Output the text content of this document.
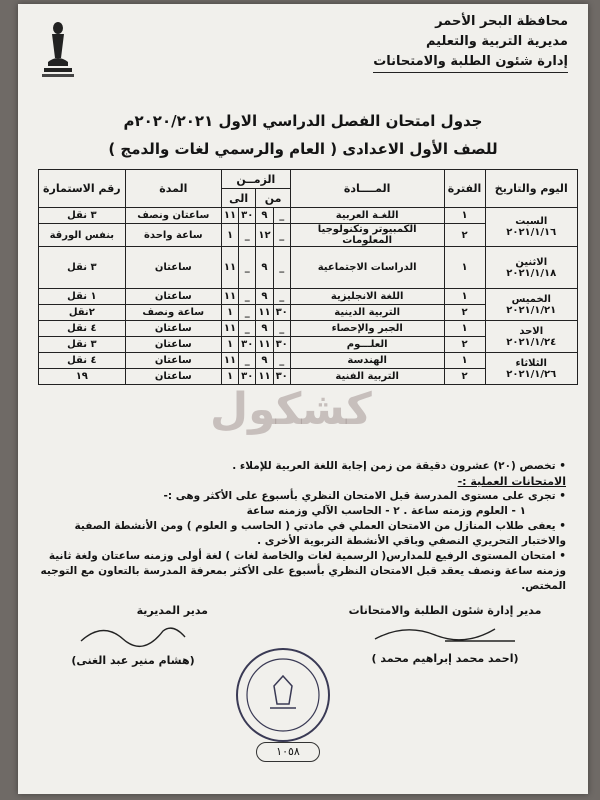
محافظة البحر الأحمر
مديرية التربية والتعليم
إدارة شئون الطلبة والامتحانات
جدول امتحان الفصل الدراسي الاول ٢٠٢٠/٢٠٢١م
للصف الأول الاعدادى ( العام والرسمي لغات والدمج )
اليوم والتاريخ	الفترة	المــــادة	الزمــن				المدة	رقم الاستمارة
			من		الى			

السبت
٢٠٢١/١/١٦	١	اللغـة العربية	_	٩	٣٠	١١	ساعتان ونصف	٣ نقل
	٢	الكمبيوتر وتكنولوجيا المعلومات	_	١٢	_	١	ساعة واحدة	بنفس الورقة

الاثنين
٢٠٢١/١/١٨	١	الدراسات الاجتماعية	_	٩	_	١١	ساعتان	٣ نقل

الخميس
٢٠٢١/١/٢١	١	اللغة الانجليزية	_	٩	_	١١	ساعتان	١ نقل
	٢	التربية الدينية	٣٠	١١	_	١	ساعة ونصف	٢نقل

الاحد
٢٠٢١/١/٢٤	١	الجبر والإحصاء	_	٩	_	١١	ساعتان	٤ نقل
	٢	العلـــوم	٣٠	١١	٣٠	١	ساعتان	٣ نقل

الثلاثاء
٢٠٢١/١/٢٦	١	الهندسة	_	٩	_	١١	ساعتان	٤ نقل
	٢	التربية الفنية	٣٠	١١	٣٠	١	ساعتان	١٩
كشكول
• تخصص (٢٠) عشرون دقيقة من زمن إجابة اللغة العربية للإملاء .
الامتحانات العملية :-
• تجرى على مستوى المدرسة قبل الامتحان النظري بأسبوع على الأكثر وهى :-
١ - العلوم وزمنه ساعة . ٢ - الحاسب الآلي وزمنه ساعة
• يعفى طلاب المنازل من الامتحان العملي في مادتي ( الحاسب و العلوم ) ومن الأنشطة الصفية والاختبار التحريري النصفي وباقي الأنشطة التربوية الأخرى .
• امتحان المستوى الرفيع للمدارس( الرسمية لغات والخاصة لغات ) لغة أولى وزمنه ساعتان ولغة ثانية وزمنه ساعة ونصف يعقد قبل الامتحان النظري بأسبوع على الأكثر بمعرفة المدرسة بالتعاون مع التوجيه المختص.
مدير إدارة شئون الطلبة والامتحانات
(احمد محمد إبراهيم محمد )
مدير المديرية
(هشام منير عبد الغنى)
١٠٥٨
